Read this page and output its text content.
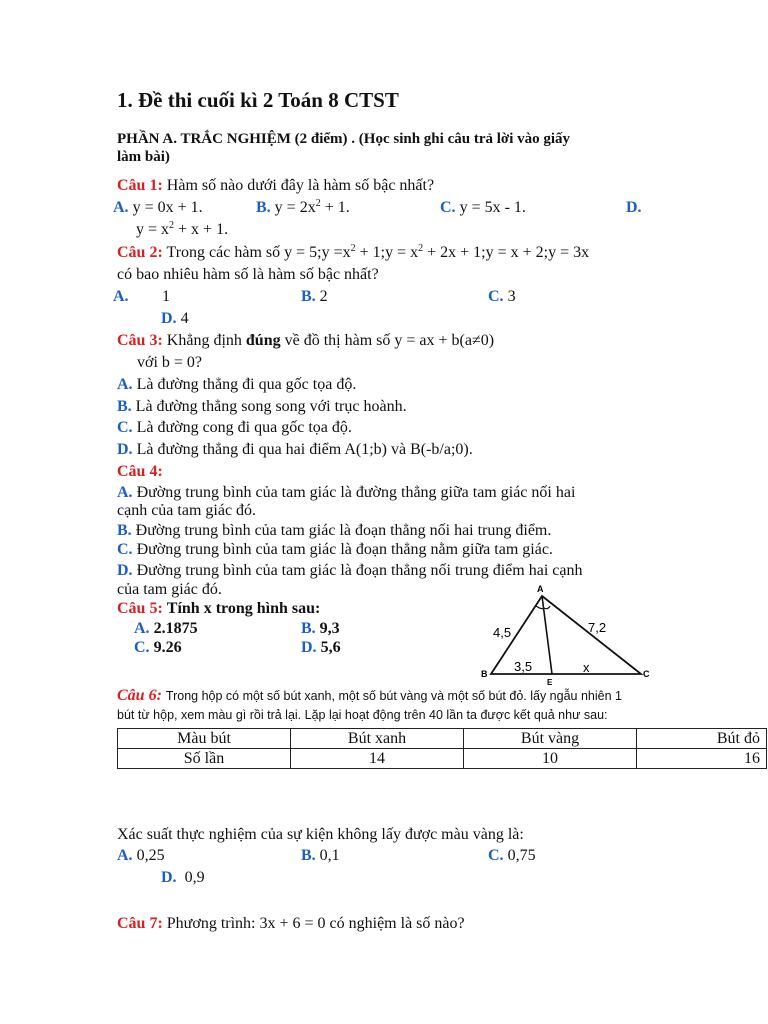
1. Đề thi cuối kì 2 Toán 8 CTST
PHẦN A. TRẮC NGHIỆM (2 điểm) . (Học sinh ghi câu trả lời vào giấy
làm bài)
Câu 1: Hàm số nào dưới đây là hàm số bậc nhất?
A. y = 0x + 1.	B. $y = 2x^2 + 1$.	C. y = 5x - 1.	D.
$y = x^2 + x + 1$.
Câu 2: Trong các hàm số y = 5;y $=x^2$ + 1;y = $x^2 + 2x$ + 1;y = x + 2;y = 3x
có bao nhiêu hàm số là hàm số bậc nhất?
A. 1	B. 2	C. 3
D. 4
Câu 3: Khẳng định đúng về đồ thị hàm số y = ax + b(a≠0)
với b = 0?
A. Là đường thẳng đi qua gốc tọa độ.
B. Là đường thẳng song song với trục hoành.
C. Là đường cong đi qua gốc tọa độ.
D. Là đường thẳng đi qua hai điểm A(1;b) và B(-b/a;0).
Câu 4:
A. Đường trung bình của tam giác là đường thẳng giữa tam giác nối hai
cạnh của tam giác đó.
B. Đường trung bình của tam giác là đoạn thẳng nối hai trung điểm.
C. Đường trung bình của tam giác là đoạn thẳng nằm giữa tam giác.
D. Đường trung bình của tam giác là đoạn thẳng nối trung điểm hai cạnh
của tam giác đó.
Câu 5: Tính x trong hình sau:
A. 2.1875	B. 9,3
C. 9.26	D. 5,6
A
B	C
E
4,5	7,2
3,5	x
Câu 6: Trong hộp có một số bút xanh, một số bút vàng và một số bút đỏ. lấy ngẫu nhiên 1
bút từ hộp, xem màu gì rồi trả lại. Lặp lại hoạt động trên 40 lần ta được kết quả như sau:
Màu bút	Bút xanh	Bút vàng	Bút đỏ
Số lần	14	10	16
Xác suất thực nghiệm của sự kiện không lấy được màu vàng là:
A. 0,25	B. 0,1	C. 0,75
D. 0,9
Câu 7: Phương trình: 3x + 6 = 0 có nghiệm là số nào?
